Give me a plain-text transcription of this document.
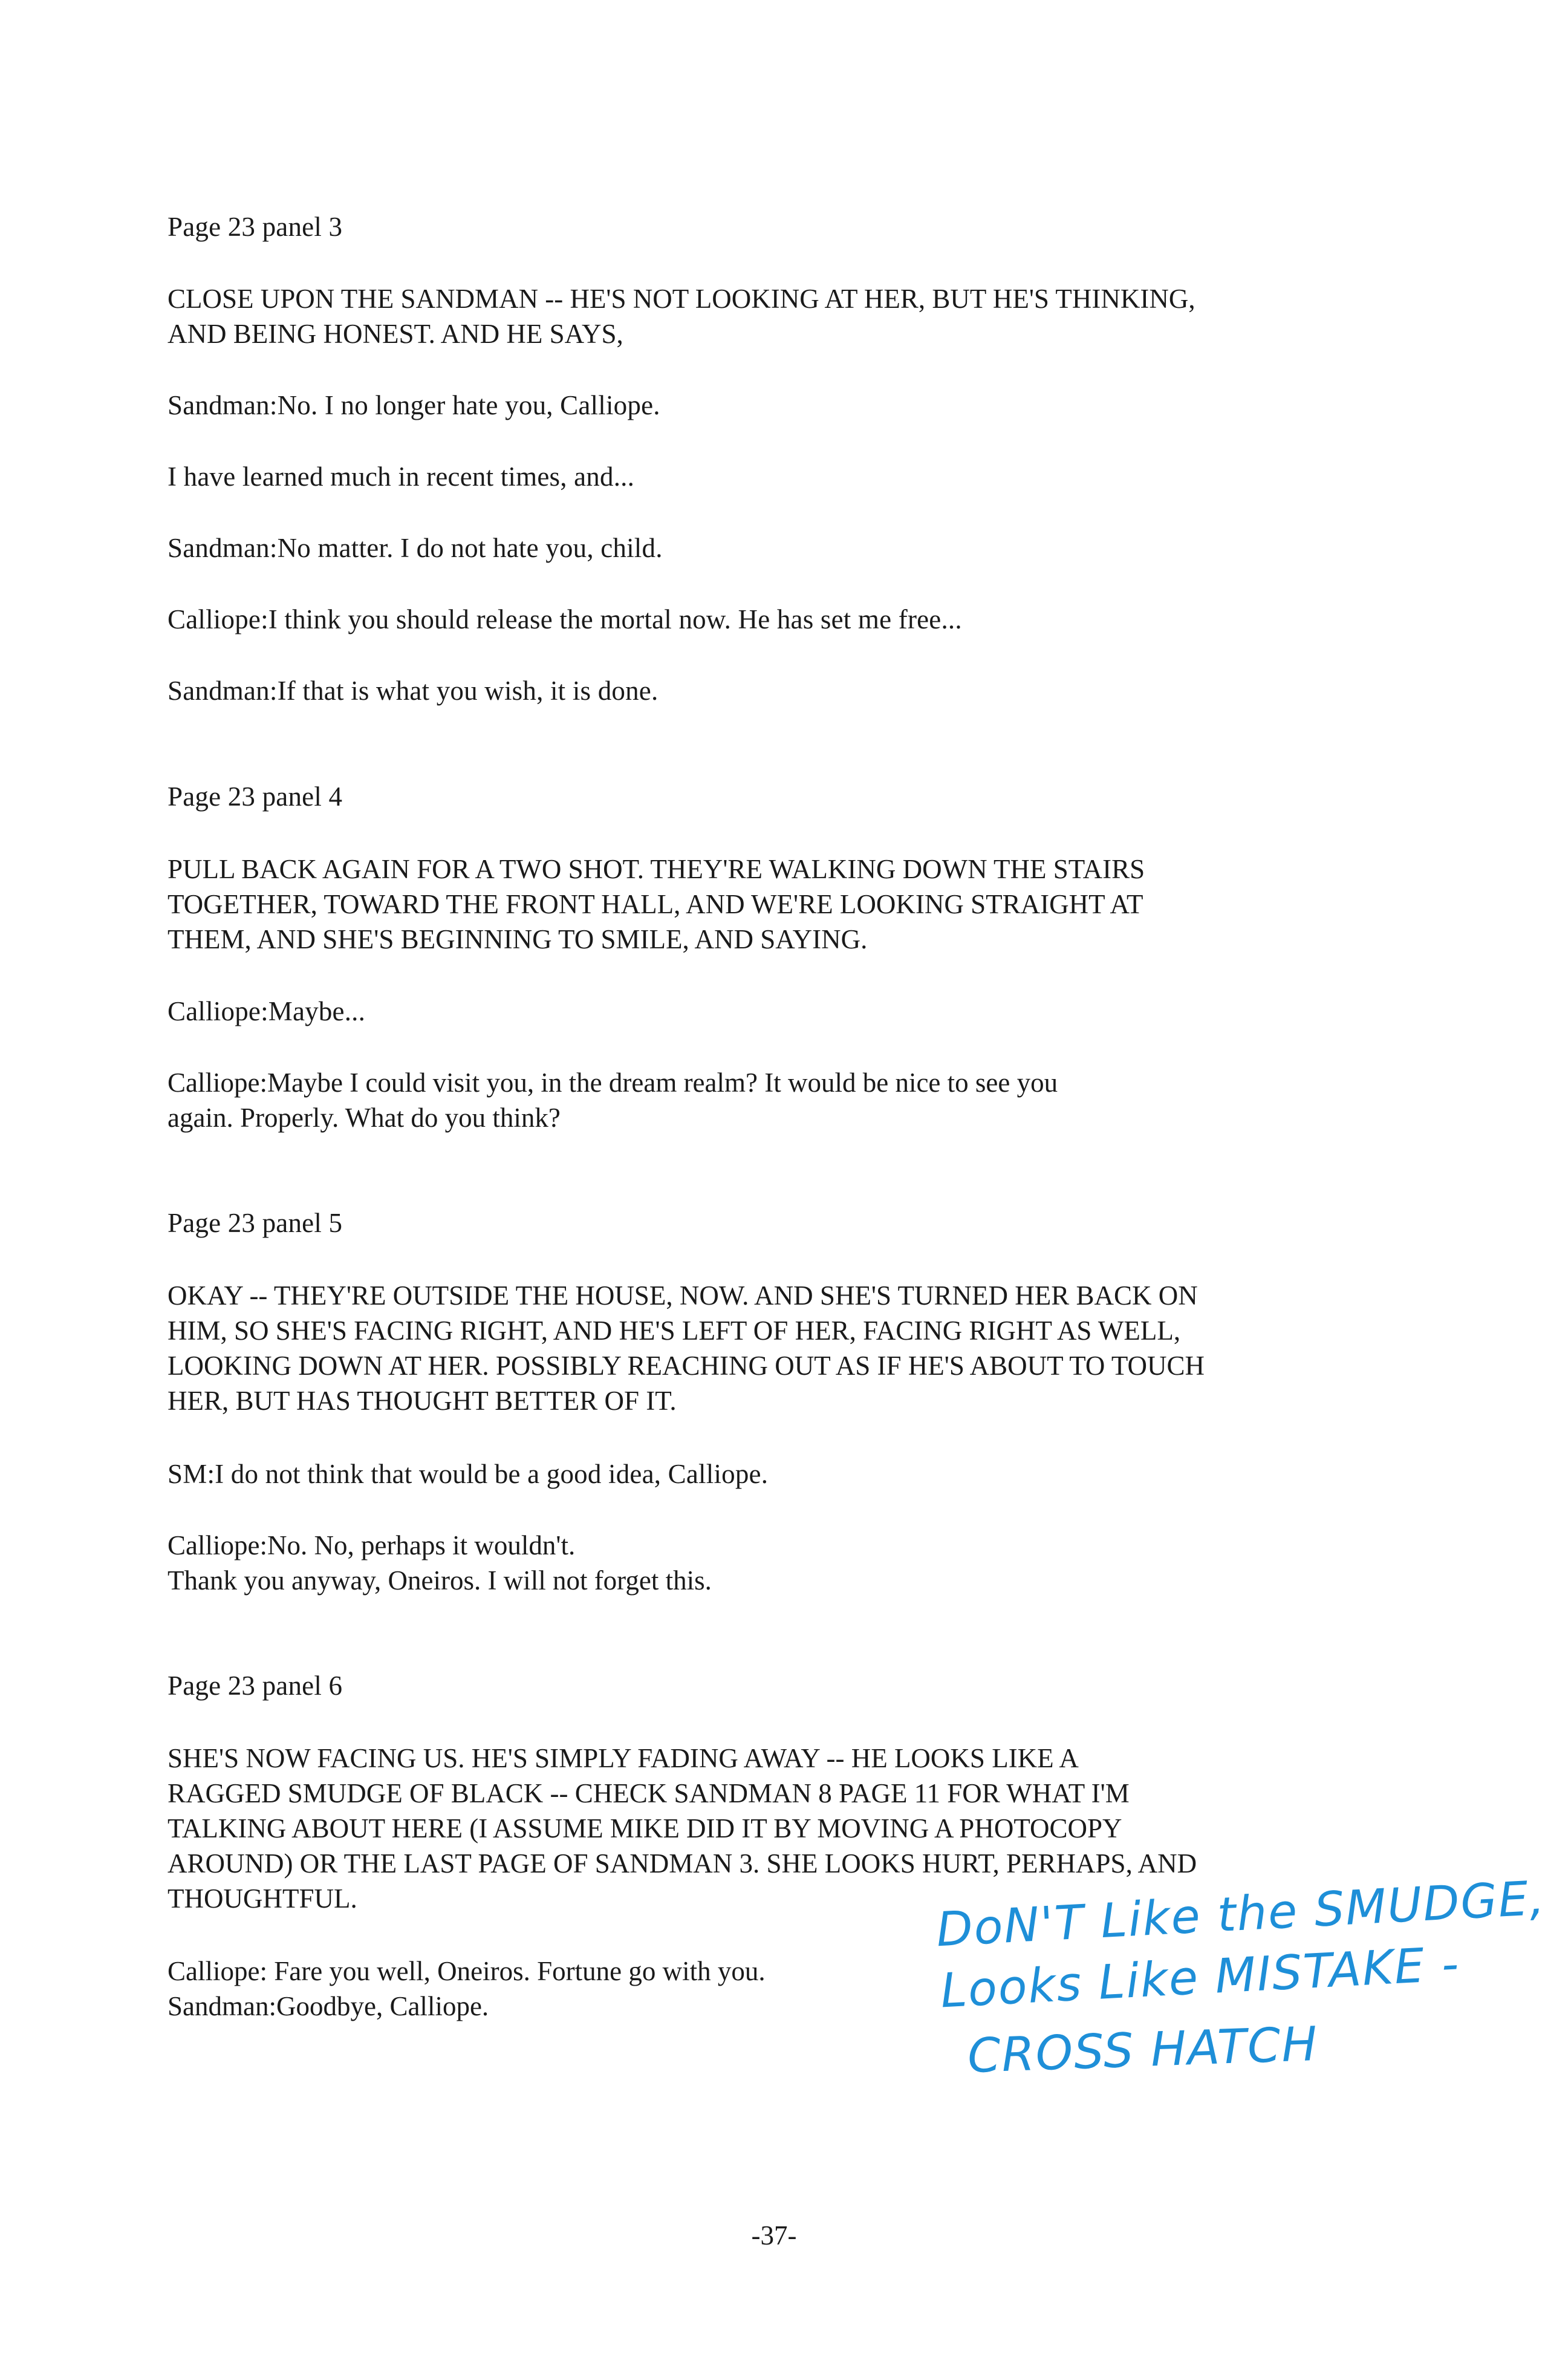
Page 23 panel 3
CLOSE UPON THE SANDMAN -- HE'S NOT LOOKING AT HER, BUT HE'S THINKING,
AND BEING HONEST. AND HE SAYS,
Sandman:No. I no longer hate you, Calliope.
I have learned much in recent times, and...
Sandman:No matter. I do not hate you, child.
Calliope:I think you should release the mortal now. He has set me free...
Sandman:If that is what you wish, it is done.
Page 23 panel 4
PULL BACK AGAIN FOR A TWO SHOT. THEY'RE WALKING DOWN THE STAIRS
TOGETHER, TOWARD THE FRONT HALL, AND WE'RE LOOKING STRAIGHT AT
THEM, AND SHE'S BEGINNING TO SMILE, AND SAYING.
Calliope:Maybe...
Calliope:Maybe I could visit you, in the dream realm? It would be nice to see you
again. Properly. What do you think?
Page 23 panel 5
OKAY -- THEY'RE OUTSIDE THE HOUSE, NOW. AND SHE'S TURNED HER BACK ON
HIM, SO SHE'S FACING RIGHT, AND HE'S LEFT OF HER, FACING RIGHT AS WELL,
LOOKING DOWN AT HER. POSSIBLY REACHING OUT AS IF HE'S ABOUT TO TOUCH
HER, BUT HAS THOUGHT BETTER OF IT.
SM:I do not think that would be a good idea, Calliope.
Calliope:No. No, perhaps it wouldn't.
Thank you anyway, Oneiros. I will not forget this.
Page 23 panel 6
SHE'S NOW FACING US. HE'S SIMPLY FADING AWAY -- HE LOOKS LIKE A
RAGGED SMUDGE OF BLACK -- CHECK SANDMAN 8 PAGE 11 FOR WHAT I'M
TALKING ABOUT HERE (I ASSUME MIKE DID IT BY MOVING A PHOTOCOPY
AROUND) OR THE LAST PAGE OF SANDMAN 3. SHE LOOKS HURT, PERHAPS, AND
THOUGHTFUL.
Calliope: Fare you well, Oneiros. Fortune go with you.
Sandman:Goodbye, Calliope.
DoN'T Like the SMUDGE,
Looks Like MISTAKE -
CROSS HATCH
-37-
